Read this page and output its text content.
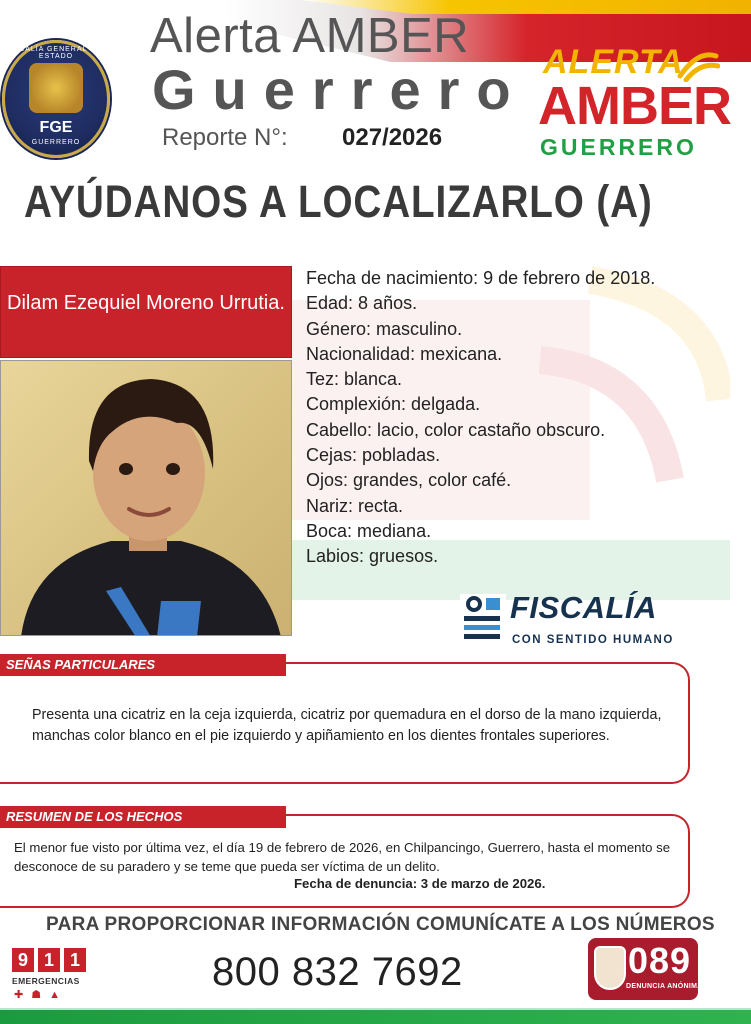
FISCALÍA GENERAL DEL ESTADO
FGE
GUERRERO
Alerta AMBER
Guerrero
Reporte N°: 027/2026
ALERTA
AMBER
GUERRERO
AYÚDANOS A LOCALIZARLO (A)
Dilam Ezequiel Moreno Urrutia.
Fecha de nacimiento: 9 de febrero de 2018.
Edad: 8 años.
Género: masculino.
Nacionalidad: mexicana.
Tez: blanca.
Complexión: delgada.
Cabello: lacio, color castaño obscuro.
Cejas: pobladas.
Ojos: grandes, color café.
Nariz: recta.
Boca: mediana.
Labios: gruesos.
FISCALÍA
CON SENTIDO HUMANO
SEÑAS PARTICULARES
Presenta una cicatriz en la ceja izquierda, cicatriz por quemadura en el dorso de la mano izquierda, manchas color blanco en el pie izquierdo y apiñamiento en los dientes frontales superiores.
RESUMEN DE LOS HECHOS
El menor fue visto por última vez, el día 19 de febrero de 2026, en Chilpancingo, Guerrero, hasta el momento se desconoce de su paradero y se teme que pueda ser víctima de un delito.
Fecha de denuncia: 3 de marzo de 2026.
PARA PROPORCIONAR INFORMACIÓN COMUNÍCATE A LOS NÚMEROS
9 1 1
EMERGENCIAS
✚☗▲
800 832 7692	089
DENUNCIA ANÓNIMA
